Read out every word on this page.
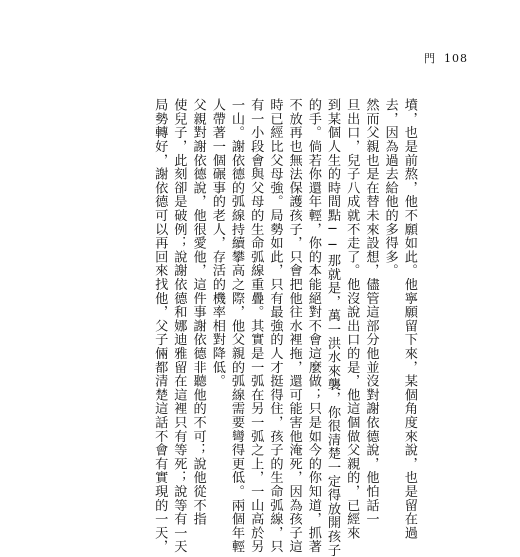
門 108
墳，也是前熬，他不願如此。他寧願留下來，某個角度來說，也是留在過
去，因為過去給他的多得多。
然而父親也是在替未來設想，儘管這部分他並沒對謝依德說，他怕話一
旦出口，兒子八成就不走了。他沒說出口的是，他這個做父親的，已經來
到某個人生的時間點──那就是，萬一洪水來襲，你很清楚一定得放開孩子
的手。倘若你還年輕，你的本能絕對不會這麼做；只是如今的你知道，抓著
不放再也無法保護孩子，只會把他往水裡拖，還可能害他淹死，因為孩子這
時已經比父母強。局勢如此，只有最強的人才挺得住，孩子的生命弧線，只
有一小段會與父母的生命弧線重疊。其實是一弧在另一弧之上，一山高於另
一山。謝依德的弧線持續攀高之際，他父親的弧線需要彎得更低。兩個年輕
人帶著一個碾事的老人，存活的機率相對降低。
父親對謝依德說，他很愛他，這件事謝依德非聽他的不可；說他從不指
使兒子，此刻卻是破例；說謝依德和娜迪雅留在這裡只有等死；說等有一天
局勢轉好，謝依德可以再回來找他，父子倆都清楚這話不會有實現的一天，
